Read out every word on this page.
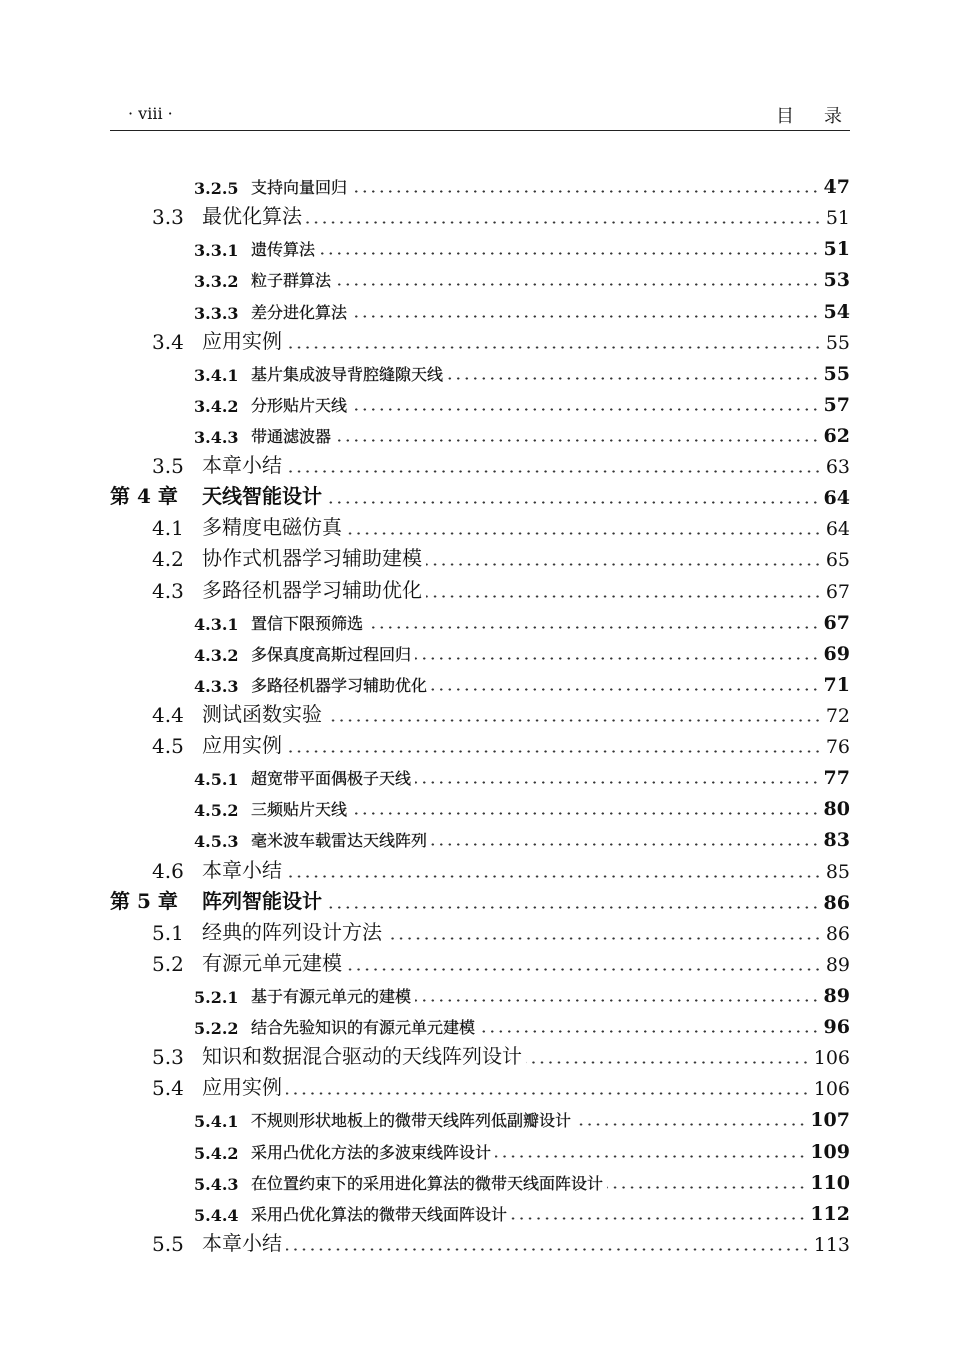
· viii ·	目录
3.2.5 支持向量回归	47
3.3 最优化算法	51
3.3.1 遗传算法	51
3.3.2 粒子群算法	53
3.3.3 差分进化算法	54
3.4 应用实例	55
3.4.1 基片集成波导背腔缝隙天线	55
3.4.2 分形贴片天线	57
3.4.3 带通滤波器	62
3.5 本章小结	63
第 4 章	天线智能设计	64
4.1 多精度电磁仿真	64
4.2 协作式机器学习辅助建模	65
4.3 多路径机器学习辅助优化	67
4.3.1 置信下限预筛选	67
4.3.2 多保真度高斯过程回归	69
4.3.3 多路径机器学习辅助优化	71
4.4 测试函数实验	72
4.5 应用实例	76
4.5.1 超宽带平面偶极子天线	77
4.5.2 三频贴片天线	80
4.5.3 毫米波车载雷达天线阵列	83
4.6 本章小结	85
第 5 章	阵列智能设计	86
5.1 经典的阵列设计方法	86
5.2 有源元单元建模	89
5.2.1 基于有源元单元的建模	89
5.2.2 结合先验知识的有源元单元建模	96
5.3 知识和数据混合驱动的天线阵列设计	106
5.4 应用实例	106
5.4.1 不规则形状地板上的微带天线阵列低副瓣设计	107
5.4.2 采用凸优化方法的多波束线阵设计	109
5.4.3 在位置约束下的采用进化算法的微带天线面阵设计	110
5.4.4 采用凸优化算法的微带天线面阵设计	112
5.5 本章小结	113
